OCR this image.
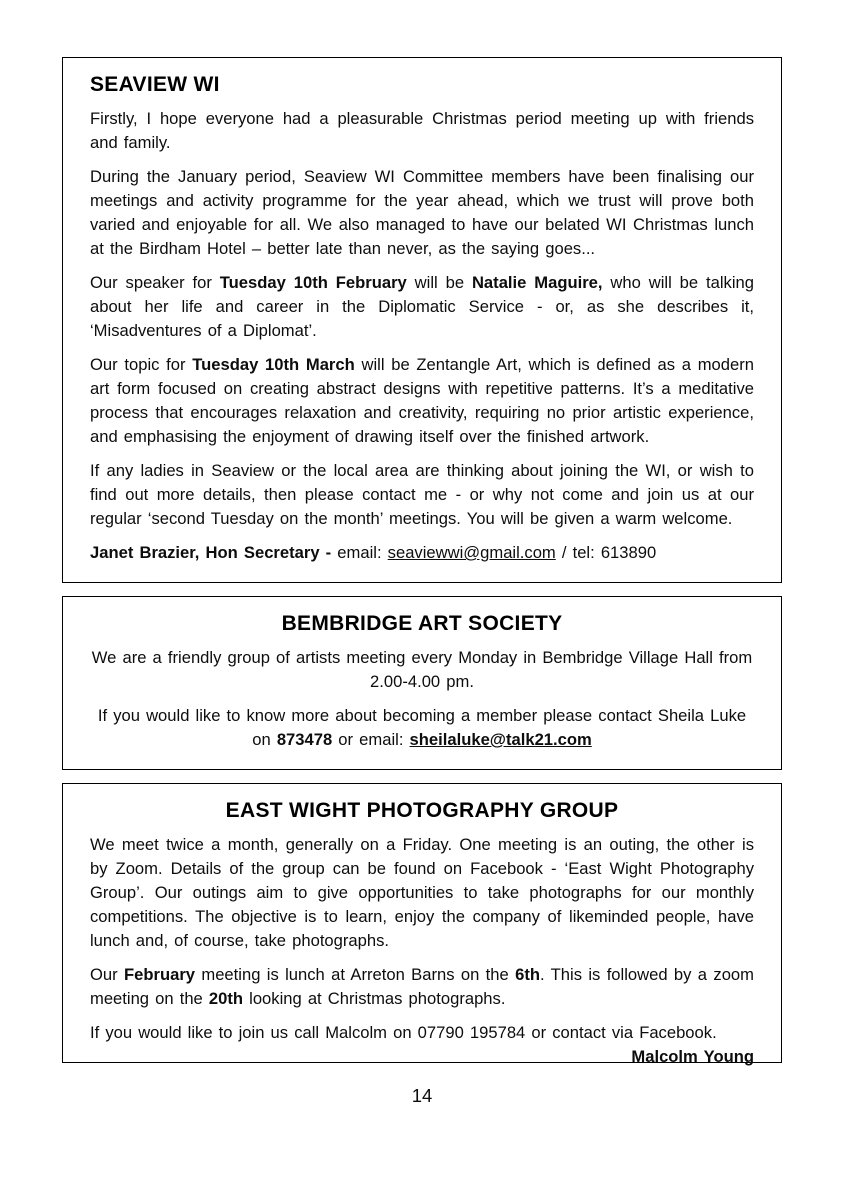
SEAVIEW WI

Firstly, I hope everyone had a pleasurable Christmas period meeting up with friends and family.

During the January period, Seaview WI Committee members have been finalising our meetings and activity programme for the year ahead, which we trust will prove both varied and enjoyable for all. We also managed to have our belated WI Christmas lunch at the Birdham Hotel – better late than never, as the saying goes...

Our speaker for Tuesday 10th February will be Natalie Maguire, who will be talking about her life and career in the Diplomatic Service - or, as she describes it, ‘Misadventures of a Diplomat’.

Our topic for Tuesday 10th March will be Zentangle Art, which is defined as a modern art form focused on creating abstract designs with repetitive patterns. It’s a meditative process that encourages relaxation and creativity, requiring no prior artistic experience, and emphasising the enjoyment of drawing itself over the finished artwork.

If any ladies in Seaview or the local area are thinking about joining the WI, or wish to find out more details, then please contact me - or why not come and join us at our regular ‘second Tuesday on the month’ meetings. You will be given a warm welcome.

Janet Brazier, Hon Secretary - email: seaviewwi@gmail.com / tel: 613890

BEMBRIDGE ART SOCIETY

We are a friendly group of artists meeting every Monday in Bembridge Village Hall from 2.00-4.00 pm.

If you would like to know more about becoming a member please contact Sheila Luke on 873478 or email: sheilaluke@talk21.com

EAST WIGHT PHOTOGRAPHY GROUP

We meet twice a month, generally on a Friday. One meeting is an outing, the other is by Zoom. Details of the group can be found on Facebook - ‘East Wight Photography Group’. Our outings aim to give opportunities to take photographs for our monthly competitions. The objective is to learn, enjoy the company of likeminded people, have lunch and, of course, take photographs.

Our February meeting is lunch at Arreton Barns on the 6th. This is followed by a zoom meeting on the 20th looking at Christmas photographs.

If you would like to join us call Malcolm on 07790 195784 or contact via Facebook.
Malcolm Young

14
